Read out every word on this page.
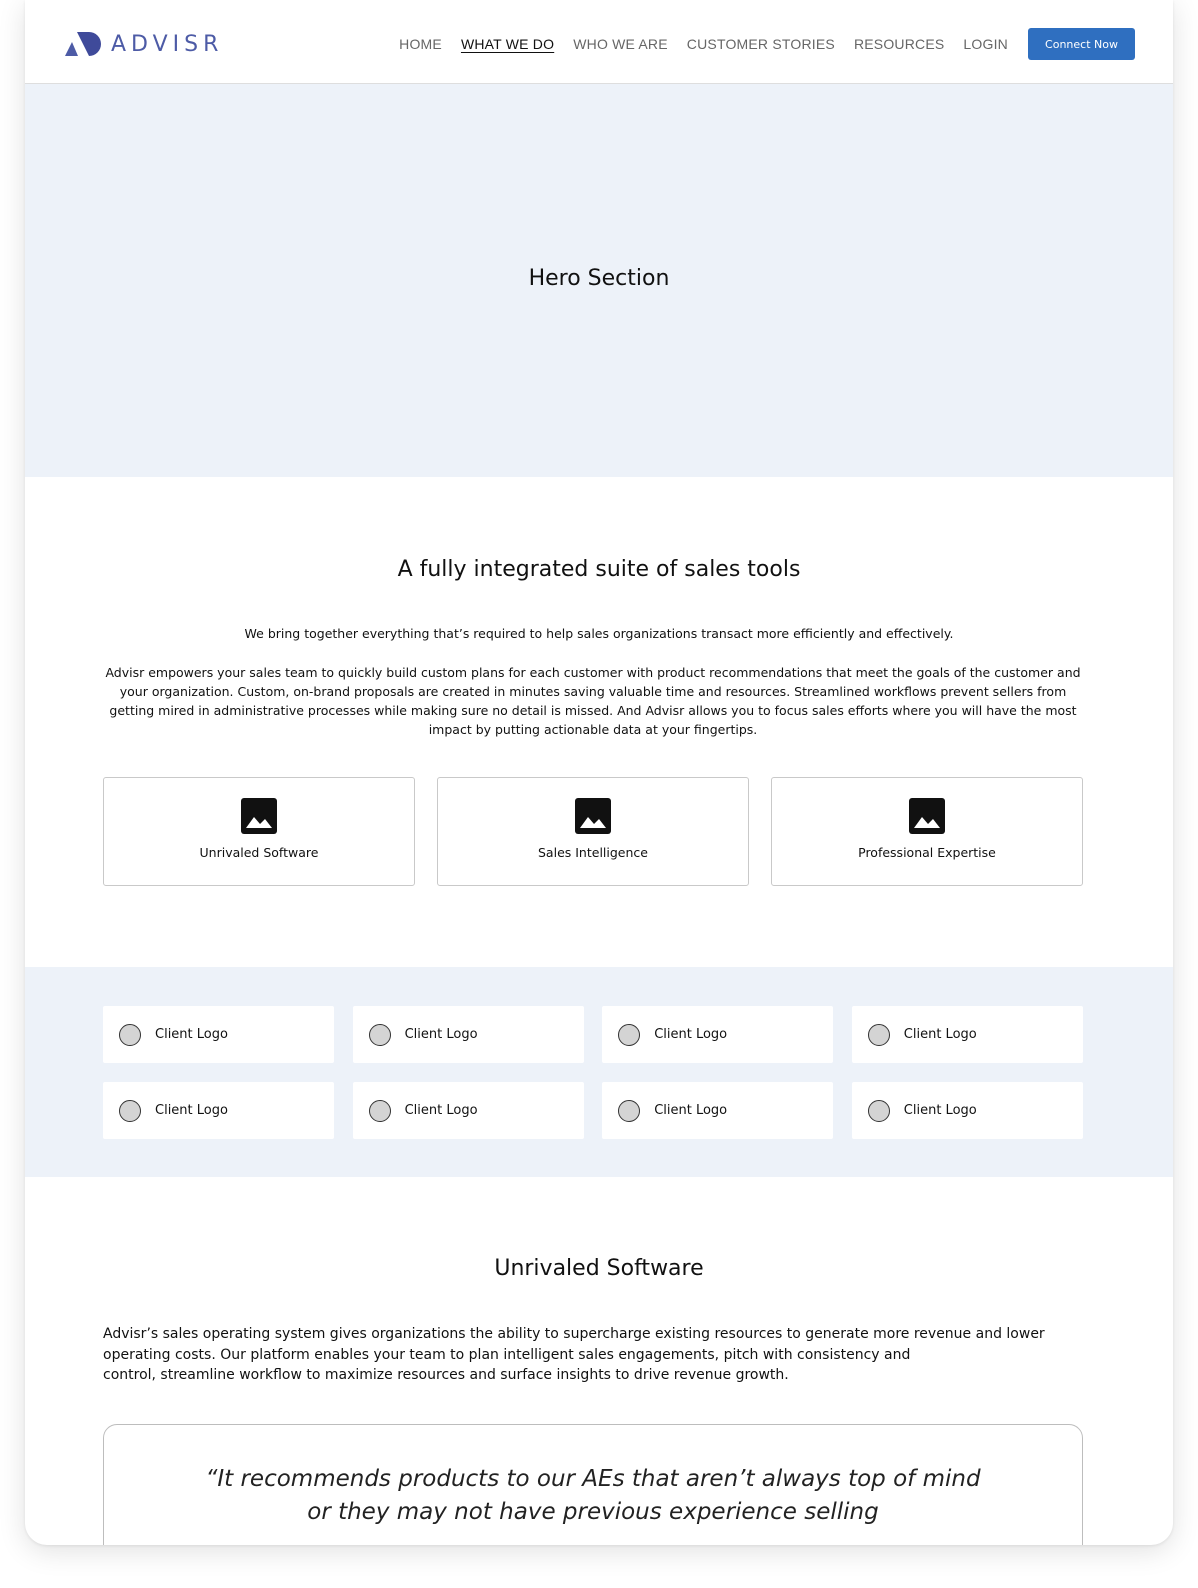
ADVISR	HOME WHAT WE DO WHO WE ARE CUSTOMER STORIES RESOURCES LOGIN	Connect Now
Hero Section
A fully integrated suite of sales tools
We bring together everything that’s required to help sales organizations transact more efficiently and effectively.
Advisr empowers your sales team to quickly build custom plans for each customer with product recommendations that meet the goals of the customer and your organization. Custom, on-brand proposals are created in minutes saving valuable time and resources. Streamlined workflows prevent sellers from getting mired in administrative processes while making sure no detail is missed. And Advisr allows you to focus sales efforts where you will have the most impact by putting actionable data at your fingertips.
Unrivaled Software	Sales Intelligence	Professional Expertise
Client Logo	Client Logo	Client Logo	Client Logo
Client Logo	Client Logo	Client Logo	Client Logo
Unrivaled Software
Advisr’s sales operating system gives organizations the ability to supercharge existing resources to generate more revenue and lower
operating costs. Our platform enables your team to plan intelligent sales engagements, pitch with consistency and
control, streamline workflow to maximize resources and surface insights to drive revenue growth.
“It recommends products to our AEs that aren’t always top of mind
or they may not have previous experience selling
